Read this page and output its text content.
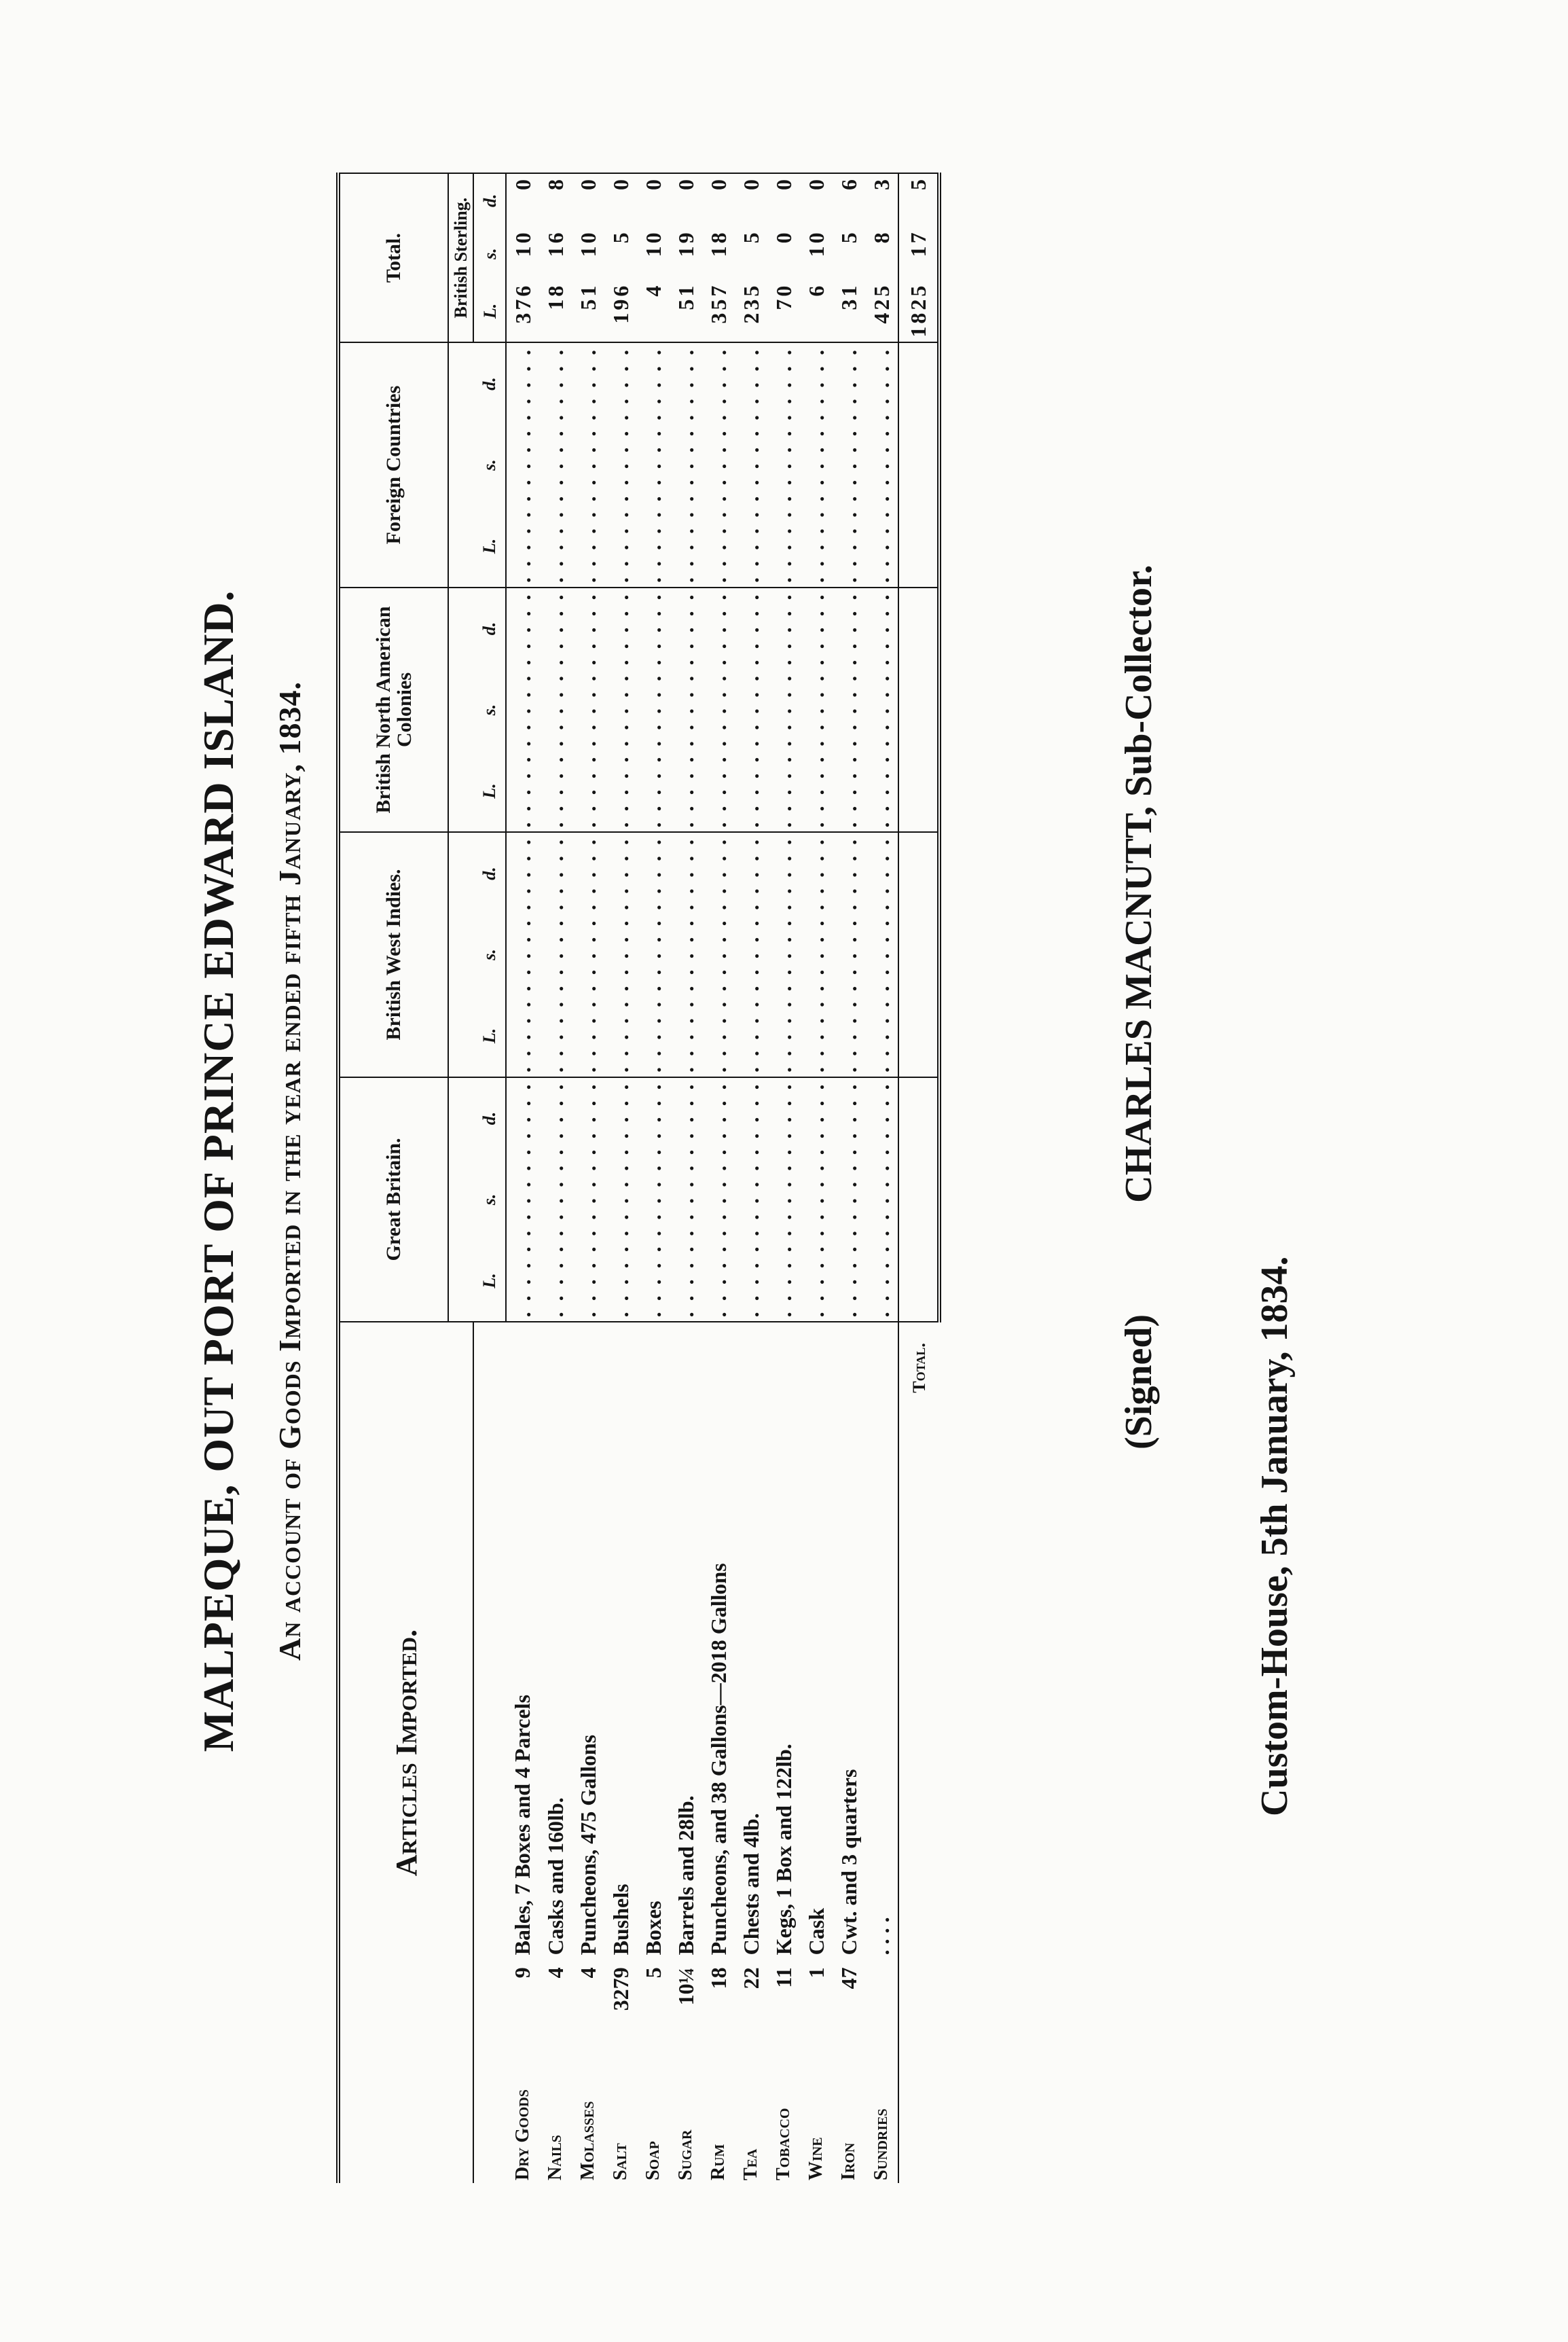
MALPEQUE, OUT PORT OF PRINCE EDWARD ISLAND. An account of Goods Imported in the year ended fifth January, 1834.
Articles Imported.			Great Britain.			British West Indies.			British North American Colonies			Foreign Countries			Total.		
															British Sterling.		
			L.	s.	d.	L.	s.	d.	L.	s.	d.	L.	s.	d.	L.	s.	d.
Dry Goods	9	Bales, 7 Boxes and 4 Parcels	. . . . .	. . . . .	. . . . .	. . . . .	. . . . .	. . . . .	. . . . .	. . . . .	. . . . .	. . . . .	. . . . .	. . . . .	376	10	0
Nails	4	Casks and 160lb.	. . . . .	. . . . .	. . . . .	. . . . .	. . . . .	. . . . .	. . . . .	. . . . .	. . . . .	. . . . .	. . . . .	. . . . .	18	16	8
Molasses	4	Puncheons, 475 Gallons	. . . . .	. . . . .	. . . . .	. . . . .	. . . . .	. . . . .	. . . . .	. . . . .	. . . . .	. . . . .	. . . . .	. . . . .	51	10	0
Salt	3279	Bushels	. . . . .	. . . . .	. . . . .	. . . . .	. . . . .	. . . . .	. . . . .	. . . . .	. . . . .	. . . . .	. . . . .	. . . . .	196	5	0
Soap	5	Boxes	. . . . .	. . . . .	. . . . .	. . . . .	. . . . .	. . . . .	. . . . .	. . . . .	. . . . .	. . . . .	. . . . .	. . . . .	4	10	0
Sugar	10¼	Barrels and 28lb.	. . . . .	. . . . .	. . . . .	. . . . .	. . . . .	. . . . .	. . . . .	. . . . .	. . . . .	. . . . .	. . . . .	. . . . .	51	19	0
Rum	18	Puncheons, and 38 Gallons—2018 Gallons	. . . . .	. . . . .	. . . . .	. . . . .	. . . . .	. . . . .	. . . . .	. . . . .	. . . . .	. . . . .	. . . . .	. . . . .	357	18	0
Tea	22	Chests and 4lb.	. . . . .	. . . . .	. . . . .	. . . . .	. . . . .	. . . . .	. . . . .	. . . . .	. . . . .	. . . . .	. . . . .	. . . . .	235	5	0
Tobacco	11	Kegs, 1 Box and 122lb.	. . . . .	. . . . .	. . . . .	. . . . .	. . . . .	. . . . .	. . . . .	. . . . .	. . . . .	. . . . .	. . . . .	. . . . .	70	0	0
Wine	1	Cask	. . . . .	. . . . .	. . . . .	. . . . .	. . . . .	. . . . .	. . . . .	. . . . .	. . . . .	. . . . .	. . . . .	. . . . .	6	10	0
Iron	47	Cwt. and 3 quarters	. . . . .	. . . . .	. . . . .	. . . . .	. . . . .	. . . . .	. . . . .	. . . . .	. . . . .	. . . . .	. . . . .	. . . . .	31	5	6
Sundries		. . . .	. . . . .	. . . . .	. . . . .	. . . . .	. . . . .	. . . . .	. . . . .	. . . . .	. . . . .	. . . . .	. . . . .	. . . . .	425	8	3
Total.															1825	17	5
(Signed) CHARLES MACNUTT, Sub-Collector.
Custom-House, 5th January, 1834.
